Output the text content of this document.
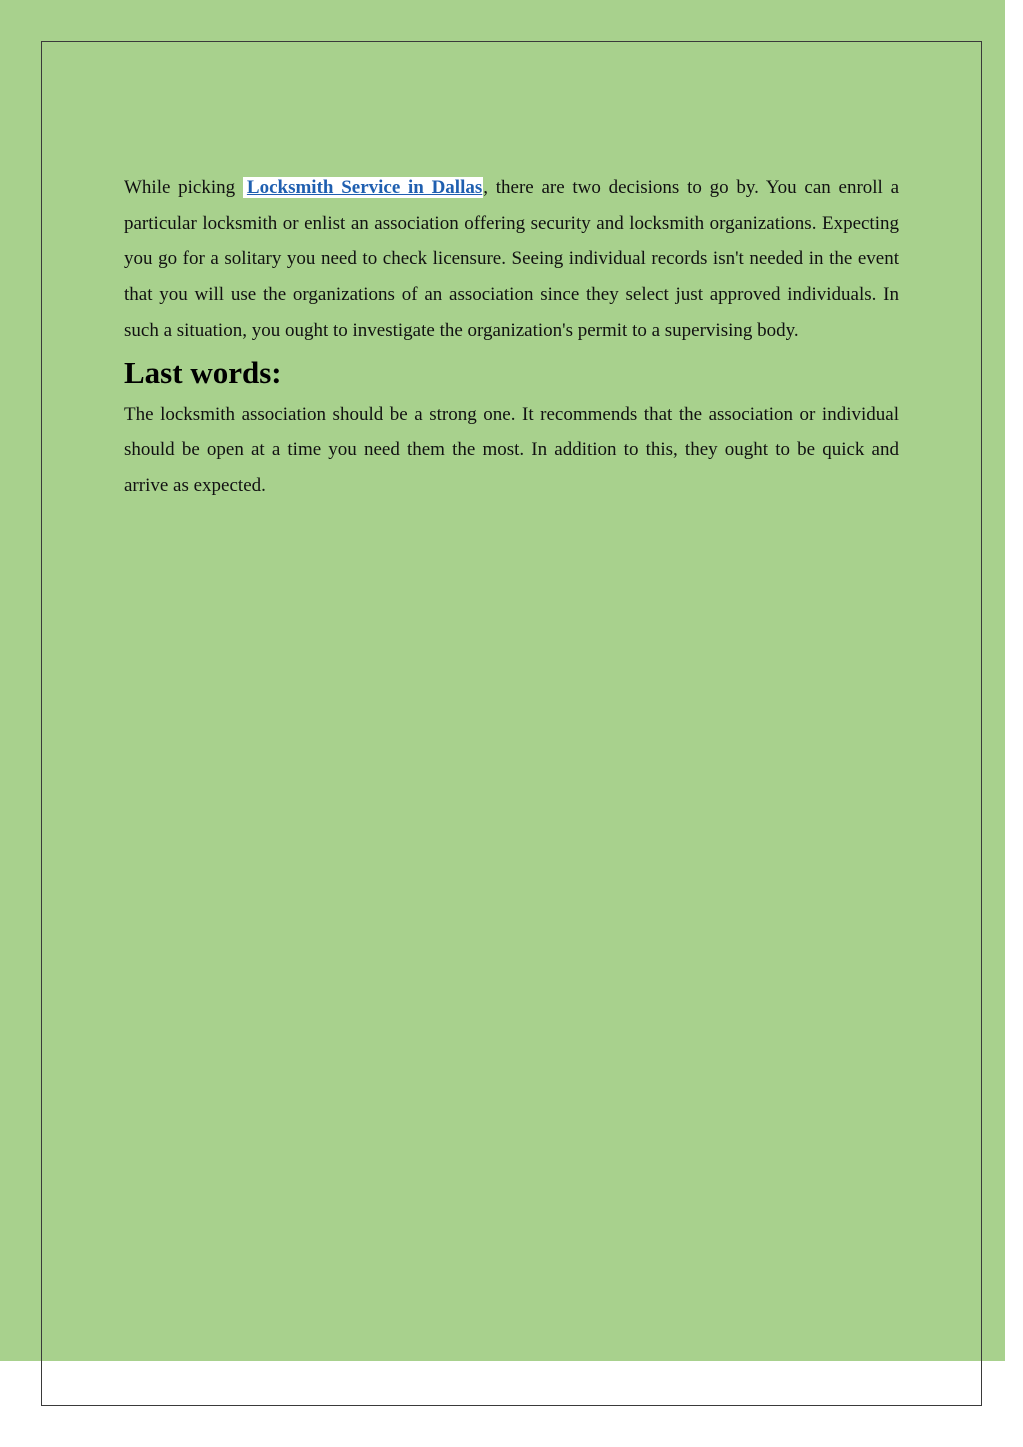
While picking Locksmith Service in Dallas, there are two decisions to go by. You can enroll a particular locksmith or enlist an association offering security and locksmith organizations. Expecting you go for a solitary you need to check licensure. Seeing individual records isn't needed in the event that you will use the organizations of an association since they select just approved individuals. In such a situation, you ought to investigate the organization's permit to a supervising body.

Last words:

The locksmith association should be a strong one. It recommends that the association or individual should be open at a time you need them the most. In addition to this, they ought to be quick and arrive as expected.
